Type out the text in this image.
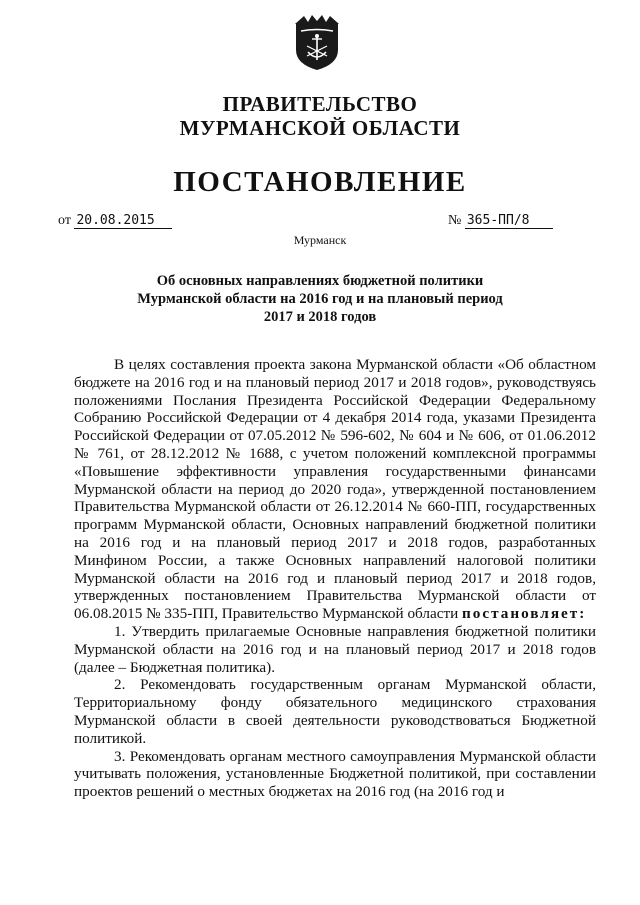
ПРАВИТЕЛЬСТВО
МУРМАНСКОЙ ОБЛАСТИ
ПОСТАНОВЛЕНИЕ
от 20.08.2015	№ 365-ПП/8
Мурманск
Об основных направлениях бюджетной политики
Мурманской области на 2016 год и на плановый период
2017 и 2018 годов

В целях составления проекта закона Мурманской области «Об областном бюджете на 2016 год и на плановый период 2017 и 2018 годов», руководствуясь положениями Послания Президента Российской Федерации Федеральному Собранию Российской Федерации от 4 декабря 2014 года, указами Президента Российской Федерации от 07.05.2012 № 596-602, № 604 и № 606, от 01.06.2012 № 761, от 28.12.2012 № 1688, с учетом положений комплексной программы «Повышение эффективности управления государственными финансами Мурманской области на период до 2020 года», утвержденной постановлением Правительства Мурманской области от 26.12.2014 № 660-ПП, государственных программ Мурманской области, Основных направлений бюджетной политики на 2016 год и на плановый период 2017 и 2018 годов, разработанных Минфином России, а также Основных направлений налоговой политики Мурманской области на 2016 год и плановый период 2017 и 2018 годов, утвержденных постановлением Правительства Мурманской области от 06.08.2015 № 335-ПП, Правительство Мурманской области постановляет:

1. Утвердить прилагаемые Основные направления бюджетной политики Мурманской области на 2016 год и на плановый период 2017 и 2018 годов (далее – Бюджетная политика).

2. Рекомендовать государственным органам Мурманской области, Территориальному фонду обязательного медицинского страхования Мурманской области в своей деятельности руководствоваться Бюджетной политикой.

3. Рекомендовать органам местного самоуправления Мурманской области учитывать положения, установленные Бюджетной политикой, при составлении проектов решений о местных бюджетах на 2016 год (на 2016 год и
